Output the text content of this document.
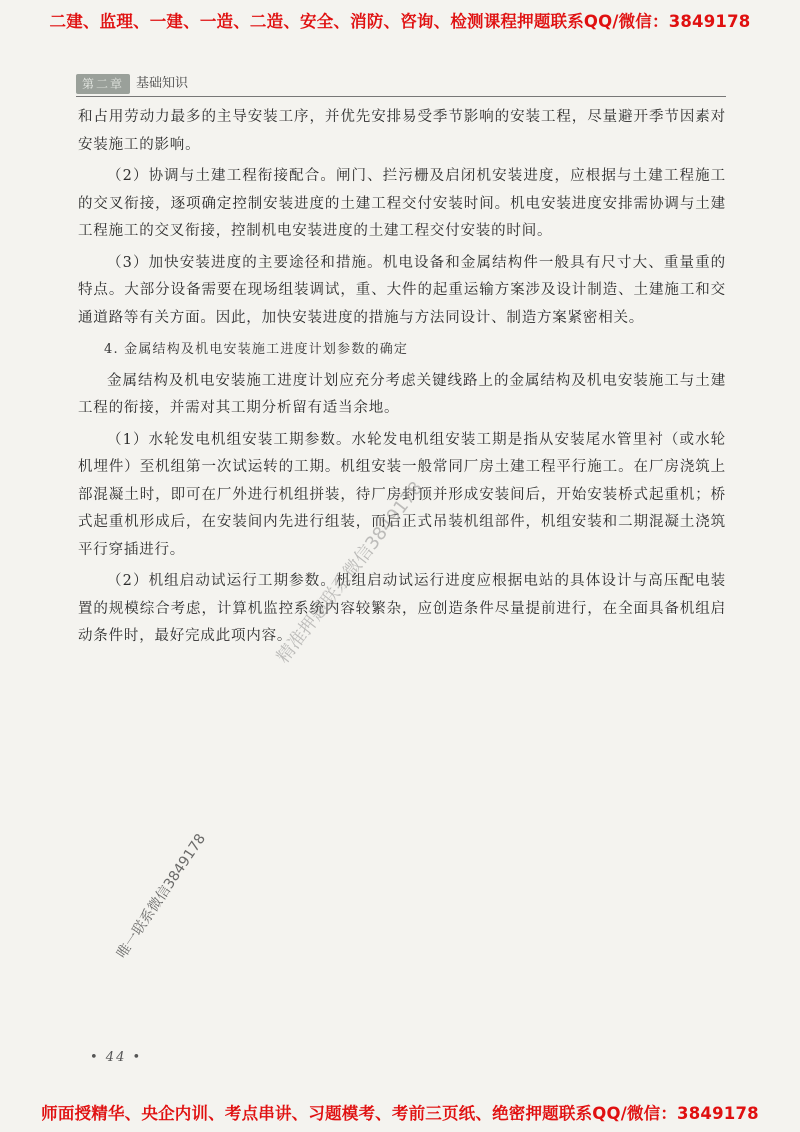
二建、监理、一建、一造、二造、安全、消防、咨询、检测课程押题联系QQ/微信：3849178
第二章 基础知识

和占用劳动力最多的主导安装工序，并优先安排易受季节影响的安装工程，尽量避开季节因素对安装施工的影响。

（2）协调与土建工程衔接配合。闸门、拦污栅及启闭机安装进度，应根据与土建工程施工的交叉衔接，逐项确定控制安装进度的土建工程交付安装时间。机电安装进度安排需协调与土建工程施工的交叉衔接，控制机电安装进度的土建工程交付安装的时间。

（3）加快安装进度的主要途径和措施。机电设备和金属结构件一般具有尺寸大、重量重的特点。大部分设备需要在现场组装调试，重、大件的起重运输方案涉及设计制造、土建施工和交通道路等有关方面。因此，加快安装进度的措施与方法同设计、制造方案紧密相关。

4. 金属结构及机电安装施工进度计划参数的确定

金属结构及机电安装施工进度计划应充分考虑关键线路上的金属结构及机电安装施工与土建工程的衔接，并需对其工期分析留有适当余地。

（1）水轮发电机组安装工期参数。水轮发电机组安装工期是指从安装尾水管里衬（或水轮机埋件）至机组第一次试运转的工期。机组安装一般常同厂房土建工程平行施工。在厂房浇筑上部混凝土时，即可在厂外进行机组拼装，待厂房封顶并形成安装间后，开始安装桥式起重机；桥式起重机形成后，在安装间内先进行组装，而后正式吊装机组部件，机组安装和二期混凝土浇筑平行穿插进行。

（2）机组启动试运行工期参数。机组启动试运行进度应根据电站的具体设计与高压配电装置的规模综合考虑，计算机监控系统内容较繁杂，应创造条件尽量提前进行，在全面具备机组启动条件时，最好完成此项内容。

精准押题联系微信3849178
唯一联系微信3849178
• 44 •
师面授精华、央企内训、考点串讲、习题模考、考前三页纸、绝密押题联系QQ/微信：3849178
